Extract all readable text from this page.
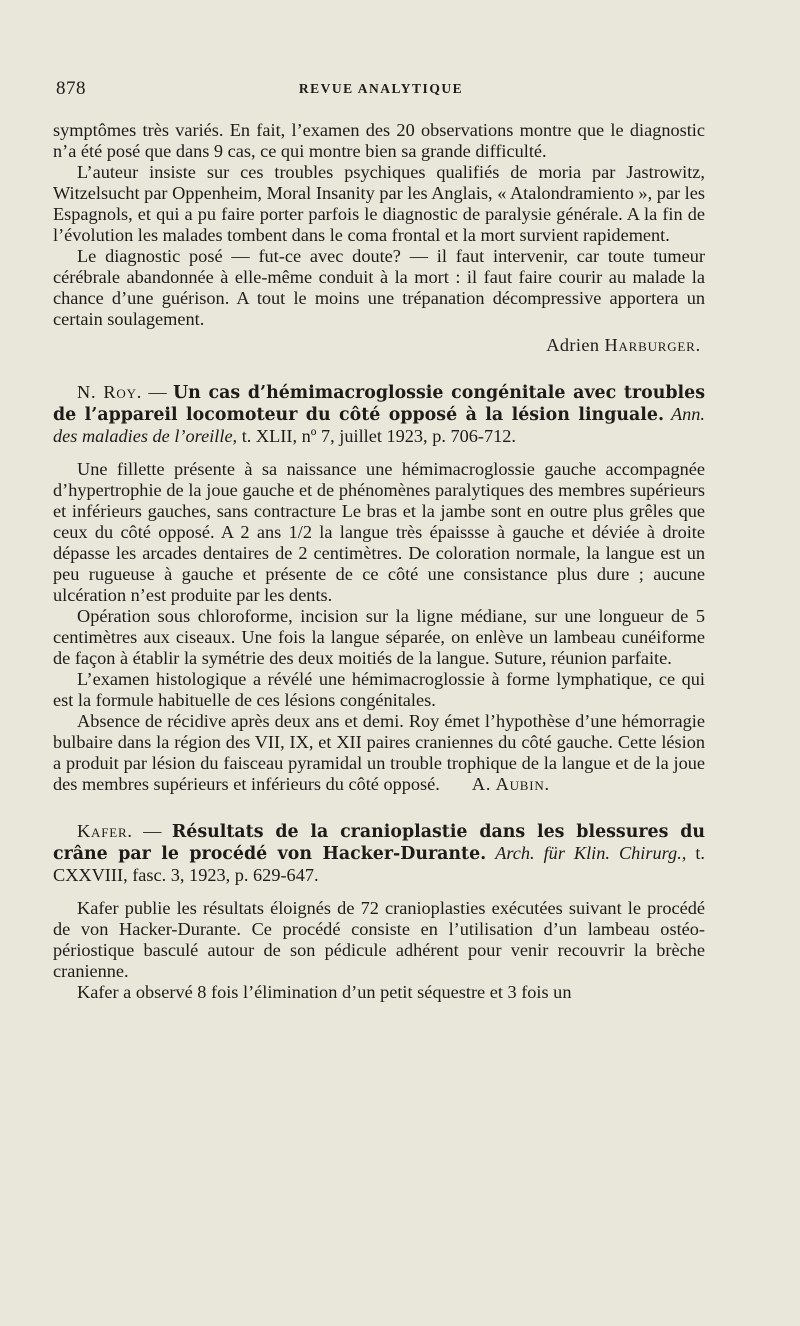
878	REVUE ANALYTIQUE

symptômes très variés. En fait, l’examen des 20 observations montre que le diagnostic n’a été posé que dans 9 cas, ce qui montre bien sa grande difficulté.

L’auteur insiste sur ces troubles psychiques qualifiés de moria par Jastrowitz, Witzelsucht par Oppenheim, Moral Insanity par les Anglais, « Atalondramiento », par les Espagnols, et qui a pu faire porter parfois le diagnostic de paralysie générale. A la fin de l’évolution les malades tombent dans le coma frontal et la mort survient rapidement.

Le diagnostic posé — fut-ce avec doute? — il faut intervenir, car toute tumeur cérébrale abandonnée à elle-même conduit à la mort : il faut faire courir au malade la chance d’une guérison. A tout le moins une trépanation décompressive apportera un certain soulagement.

Adrien Harburger.

N. Roy. — Un cas d’hémimacroglossie congénitale avec troubles de l’appareil locomoteur du côté opposé à la lésion linguale. Ann. des maladies de l’oreille, t. XLII, nº 7, juillet 1923, p. 706-712.

Une fillette présente à sa naissance une hémimacroglossie gauche accompagnée d’hypertrophie de la joue gauche et de phénomènes paralytiques des membres supérieurs et inférieurs gauches, sans contracture Le bras et la jambe sont en outre plus grêles que ceux du côté opposé. A 2 ans 1/2 la langue très épaissse à gauche et déviée à droite dépasse les arcades dentaires de 2 centimètres. De coloration normale, la langue est un peu rugueuse à gauche et présente de ce côté une consistance plus dure ; aucune ulcération n’est produite par les dents.

Opération sous chloroforme, incision sur la ligne médiane, sur une longueur de 5 centimètres aux ciseaux. Une fois la langue séparée, on enlève un lambeau cunéiforme de façon à établir la symétrie des deux moitiés de la langue. Suture, réunion parfaite.

L’examen histologique a révélé une hémimacroglossie à forme lymphatique, ce qui est la formule habituelle de ces lésions congénitales.

Absence de récidive après deux ans et demi. Roy émet l’hypothèse d’une hémorragie bulbaire dans la région des VII, IX, et XII paires craniennes du côté gauche. Cette lésion a produit par lésion du faisceau pyramidal un trouble trophique de la langue et de la joue des membres supérieurs et inférieurs du côté opposé. A. Aubin.

Kafer. — Résultats de la cranioplastie dans les blessures du crâne par le procédé von Hacker-Durante. Arch. für Klin. Chirurg., t. CXXVIII, fasc. 3, 1923, p. 629-647.

Kafer publie les résultats éloignés de 72 cranioplasties exécutées suivant le procédé de von Hacker-Durante. Ce procédé consiste en l’utilisation d’un lambeau ostéo-périostique basculé autour de son pédicule adhérent pour venir recouvrir la brèche cranienne.

Kafer a observé 8 fois l’élimination d’un petit séquestre et 3 fois un
